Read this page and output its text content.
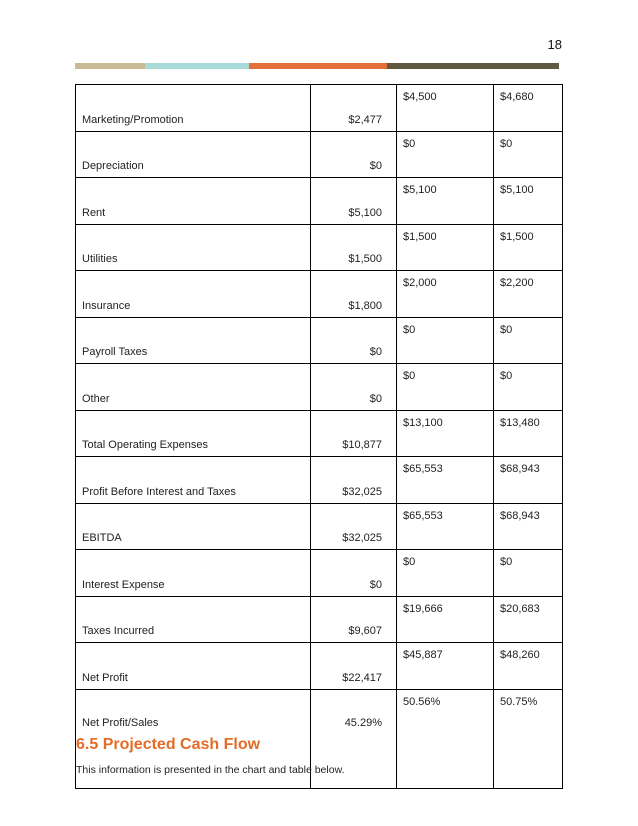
18
Marketing/Promotion	$2,477	$4,500	$4,680
Depreciation	$0	$0	$0
Rent	$5,100	$5,100	$5,100
Utilities	$1,500	$1,500	$1,500
Insurance	$1,800	$2,000	$2,200
Payroll Taxes	$0	$0	$0
Other	$0	$0	$0
Total Operating Expenses	$10,877	$13,100	$13,480
Profit Before Interest and Taxes	$32,025	$65,553	$68,943
EBITDA	$32,025	$65,553	$68,943
Interest Expense	$0	$0	$0
Taxes Incurred	$9,607	$19,666	$20,683
Net Profit	$22,417	$45,887	$48,260
Net Profit/Sales	45.29%	50.56%	50.75%
6.5 Projected Cash Flow

This information is presented in the chart and table below.
